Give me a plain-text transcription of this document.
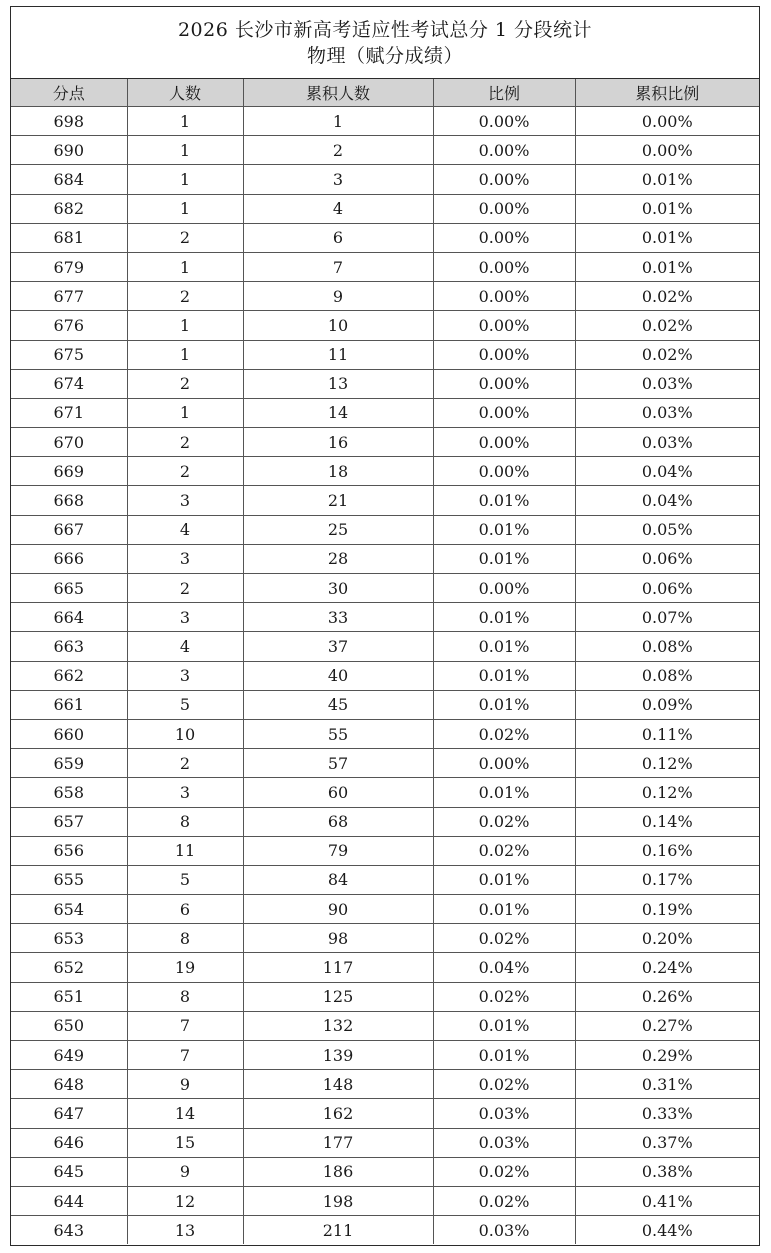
2026 长沙市新高考适应性考试总分 1 分段统计
物理（赋分成绩）
分点	人数	累积人数	比例	累积比例
698	1	1	0.00%	0.00%
690	1	2	0.00%	0.00%
684	1	3	0.00%	0.01%
682	1	4	0.00%	0.01%
681	2	6	0.00%	0.01%
679	1	7	0.00%	0.01%
677	2	9	0.00%	0.02%
676	1	10	0.00%	0.02%
675	1	11	0.00%	0.02%
674	2	13	0.00%	0.03%
671	1	14	0.00%	0.03%
670	2	16	0.00%	0.03%
669	2	18	0.00%	0.04%
668	3	21	0.01%	0.04%
667	4	25	0.01%	0.05%
666	3	28	0.01%	0.06%
665	2	30	0.00%	0.06%
664	3	33	0.01%	0.07%
663	4	37	0.01%	0.08%
662	3	40	0.01%	0.08%
661	5	45	0.01%	0.09%
660	10	55	0.02%	0.11%
659	2	57	0.00%	0.12%
658	3	60	0.01%	0.12%
657	8	68	0.02%	0.14%
656	11	79	0.02%	0.16%
655	5	84	0.01%	0.17%
654	6	90	0.01%	0.19%
653	8	98	0.02%	0.20%
652	19	117	0.04%	0.24%
651	8	125	0.02%	0.26%
650	7	132	0.01%	0.27%
649	7	139	0.01%	0.29%
648	9	148	0.02%	0.31%
647	14	162	0.03%	0.33%
646	15	177	0.03%	0.37%
645	9	186	0.02%	0.38%
644	12	198	0.02%	0.41%
643	13	211	0.03%	0.44%
